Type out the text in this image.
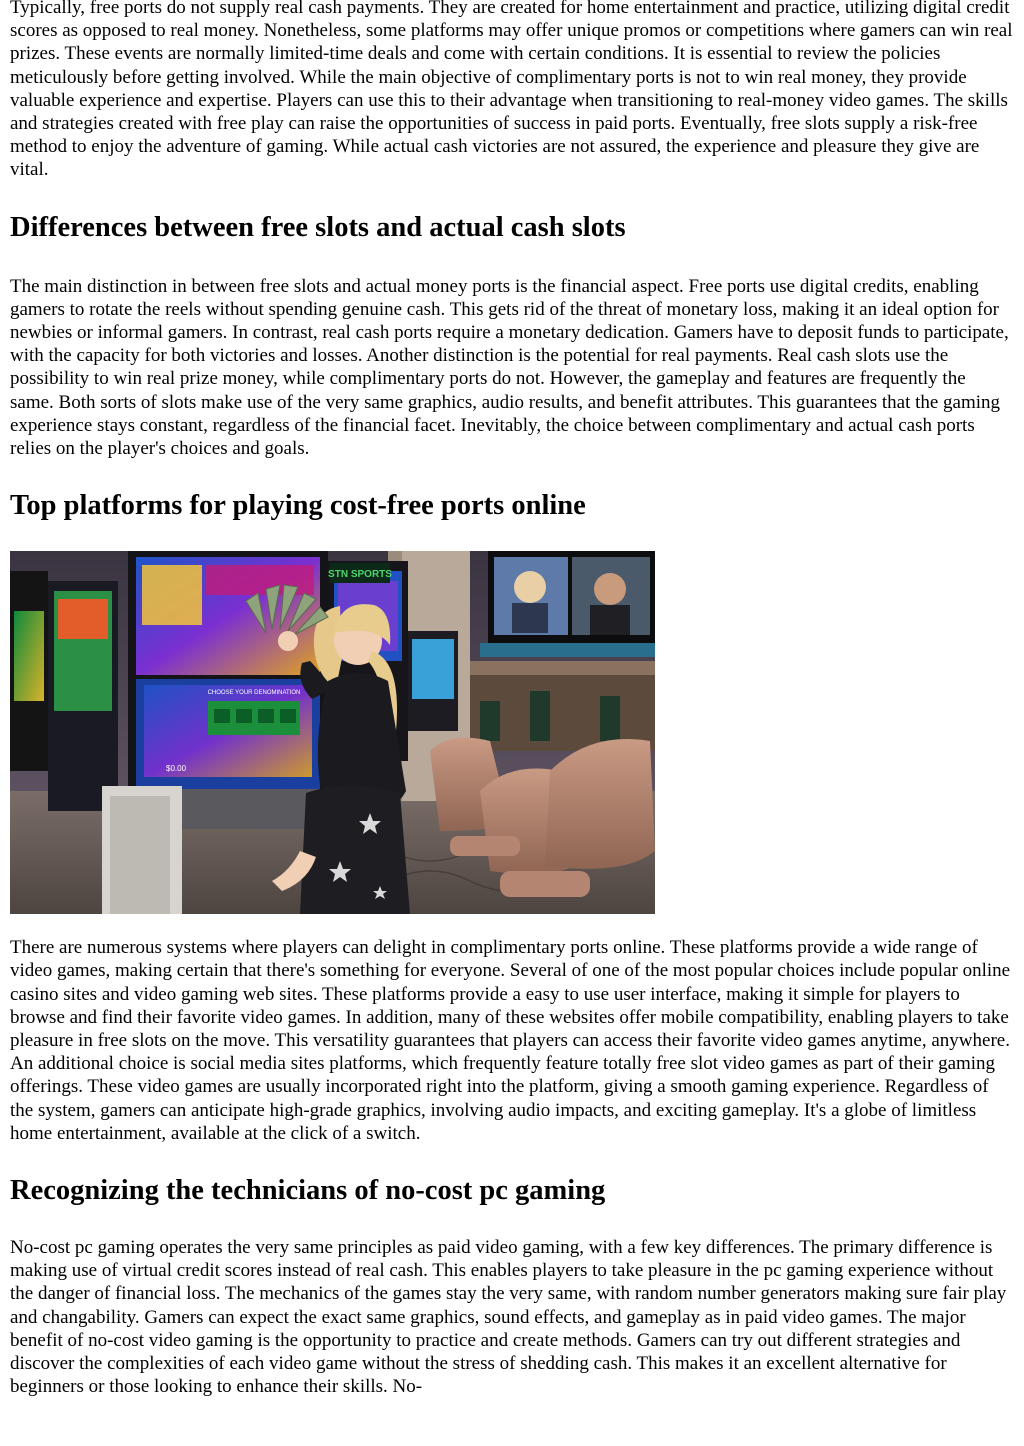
Typically, free ports do not supply real cash payments. They are created for home entertainment and practice, utilizing digital credit scores as opposed to real money. Nonetheless, some platforms may offer unique promos or competitions where gamers can win real prizes. These events are normally limited-time deals and come with certain conditions. It is essential to review the policies meticulously before getting involved. While the main objective of complimentary ports is not to win real money, they provide valuable experience and expertise. Players can use this to their advantage when transitioning to real-money video games. The skills and strategies created with free play can raise the opportunities of success in paid ports. Eventually, free slots supply a risk-free method to enjoy the adventure of gaming. While actual cash victories are not assured, the experience and pleasure they give are vital.

Differences between free slots and actual cash slots

The main distinction in between free slots and actual money ports is the financial aspect. Free ports use digital credits, enabling gamers to rotate the reels without spending genuine cash. This gets rid of the threat of monetary loss, making it an ideal option for newbies or informal gamers. In contrast, real cash ports require a monetary dedication. Gamers have to deposit funds to participate, with the capacity for both victories and losses. Another distinction is the potential for real payments. Real cash slots use the possibility to win real prize money, while complimentary ports do not. However, the gameplay and features are frequently the same. Both sorts of slots make use of the very same graphics, audio results, and benefit attributes. This guarantees that the gaming experience stays constant, regardless of the financial facet. Inevitably, the choice between complimentary and actual cash ports relies on the player's choices and goals.

Top platforms for playing cost-free ports online
CHOOSE YOUR DENOMINATION
$0.00
STN SPORTS

There are numerous systems where players can delight in complimentary ports online. These platforms provide a wide range of video games, making certain that there's something for everyone. Several of one of the most popular choices include popular online casino sites and video gaming web sites. These platforms provide a easy to use user interface, making it simple for players to browse and find their favorite video games. In addition, many of these websites offer mobile compatibility, enabling players to take pleasure in free slots on the move. This versatility guarantees that players can access their favorite video games anytime, anywhere. An additional choice is social media sites platforms, which frequently feature totally free slot video games as part of their gaming offerings. These video games are usually incorporated right into the platform, giving a smooth gaming experience. Regardless of the system, gamers can anticipate high-grade graphics, involving audio impacts, and exciting gameplay. It's a globe of limitless home entertainment, available at the click of a switch.

Recognizing the technicians of no-cost pc gaming

No-cost pc gaming operates the very same principles as paid video gaming, with a few key differences. The primary difference is making use of virtual credit scores instead of real cash. This enables players to take pleasure in the pc gaming experience without the danger of financial loss. The mechanics of the games stay the very same, with random number generators making sure fair play and changability. Gamers can expect the exact same graphics, sound effects, and gameplay as in paid video games. The major benefit of no-cost video gaming is the opportunity to practice and create methods. Gamers can try out different strategies and discover the complexities of each video game without the stress of shedding cash. This makes it an excellent alternative for beginners or those looking to enhance their skills. No-
